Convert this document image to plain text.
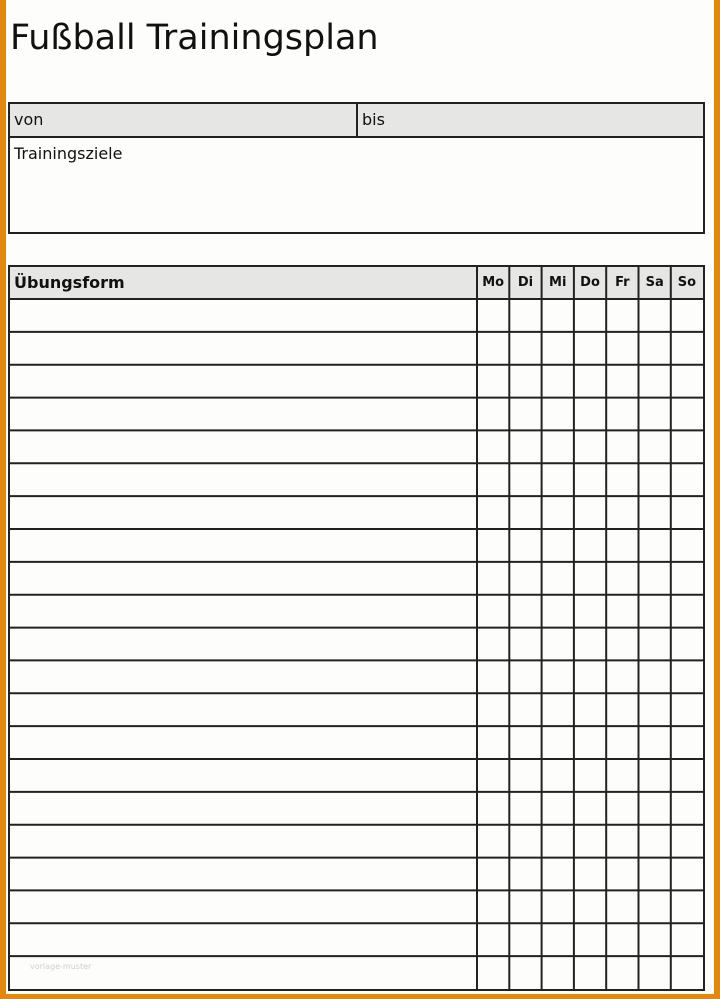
Fußball Trainingsplan
von	bis
Trainingsziele
Übungsform	Mo	Di	Mi	Do	Fr	Sa	So
vorlage-muster
